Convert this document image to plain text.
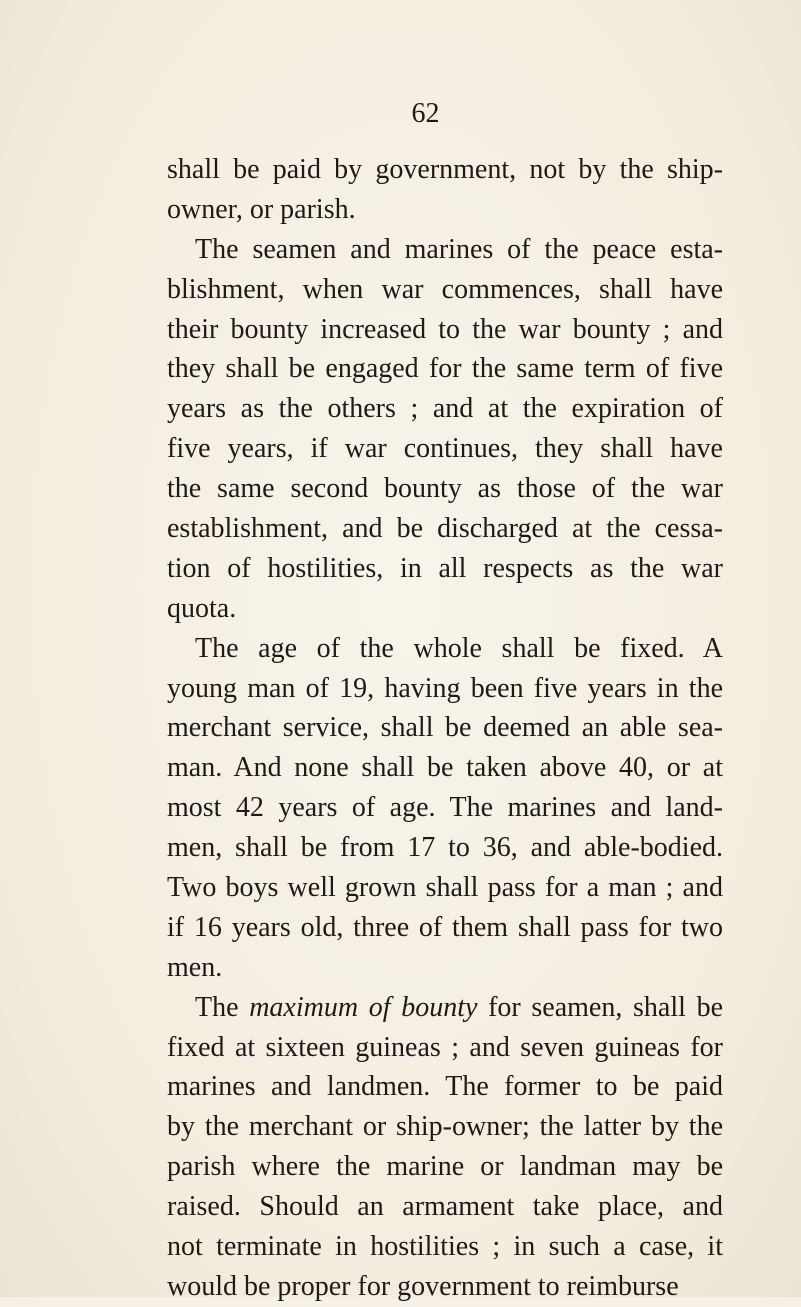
62
shall be paid by government, not by the ship-
owner, or parish.
The seamen and marines of the peace esta-
blishment, when war commences, shall have
their bounty increased to the war bounty ; and
they shall be engaged for the same term of five
years as the others ; and at the expiration of
five years, if war continues, they shall have
the same second bounty as those of the war
establishment, and be discharged at the cessa-
tion of hostilities, in all respects as the war
quota.
The age of the whole shall be fixed. A
young man of 19, having been five years in the
merchant service, shall be deemed an able sea-
man. And none shall be taken above 40, or at
most 42 years of age. The marines and land-
men, shall be from 17 to 36, and able-bodied.
Two boys well grown shall pass for a man ; and
if 16 years old, three of them shall pass for two
men.
The maximum of bounty for seamen, shall be
fixed at sixteen guineas ; and seven guineas for
marines and landmen. The former to be paid
by the merchant or ship-owner; the latter by the
parish where the marine or landman may be
raised. Should an armament take place, and
not terminate in hostilities ; in such a case, it
would be proper for government to reimburse
